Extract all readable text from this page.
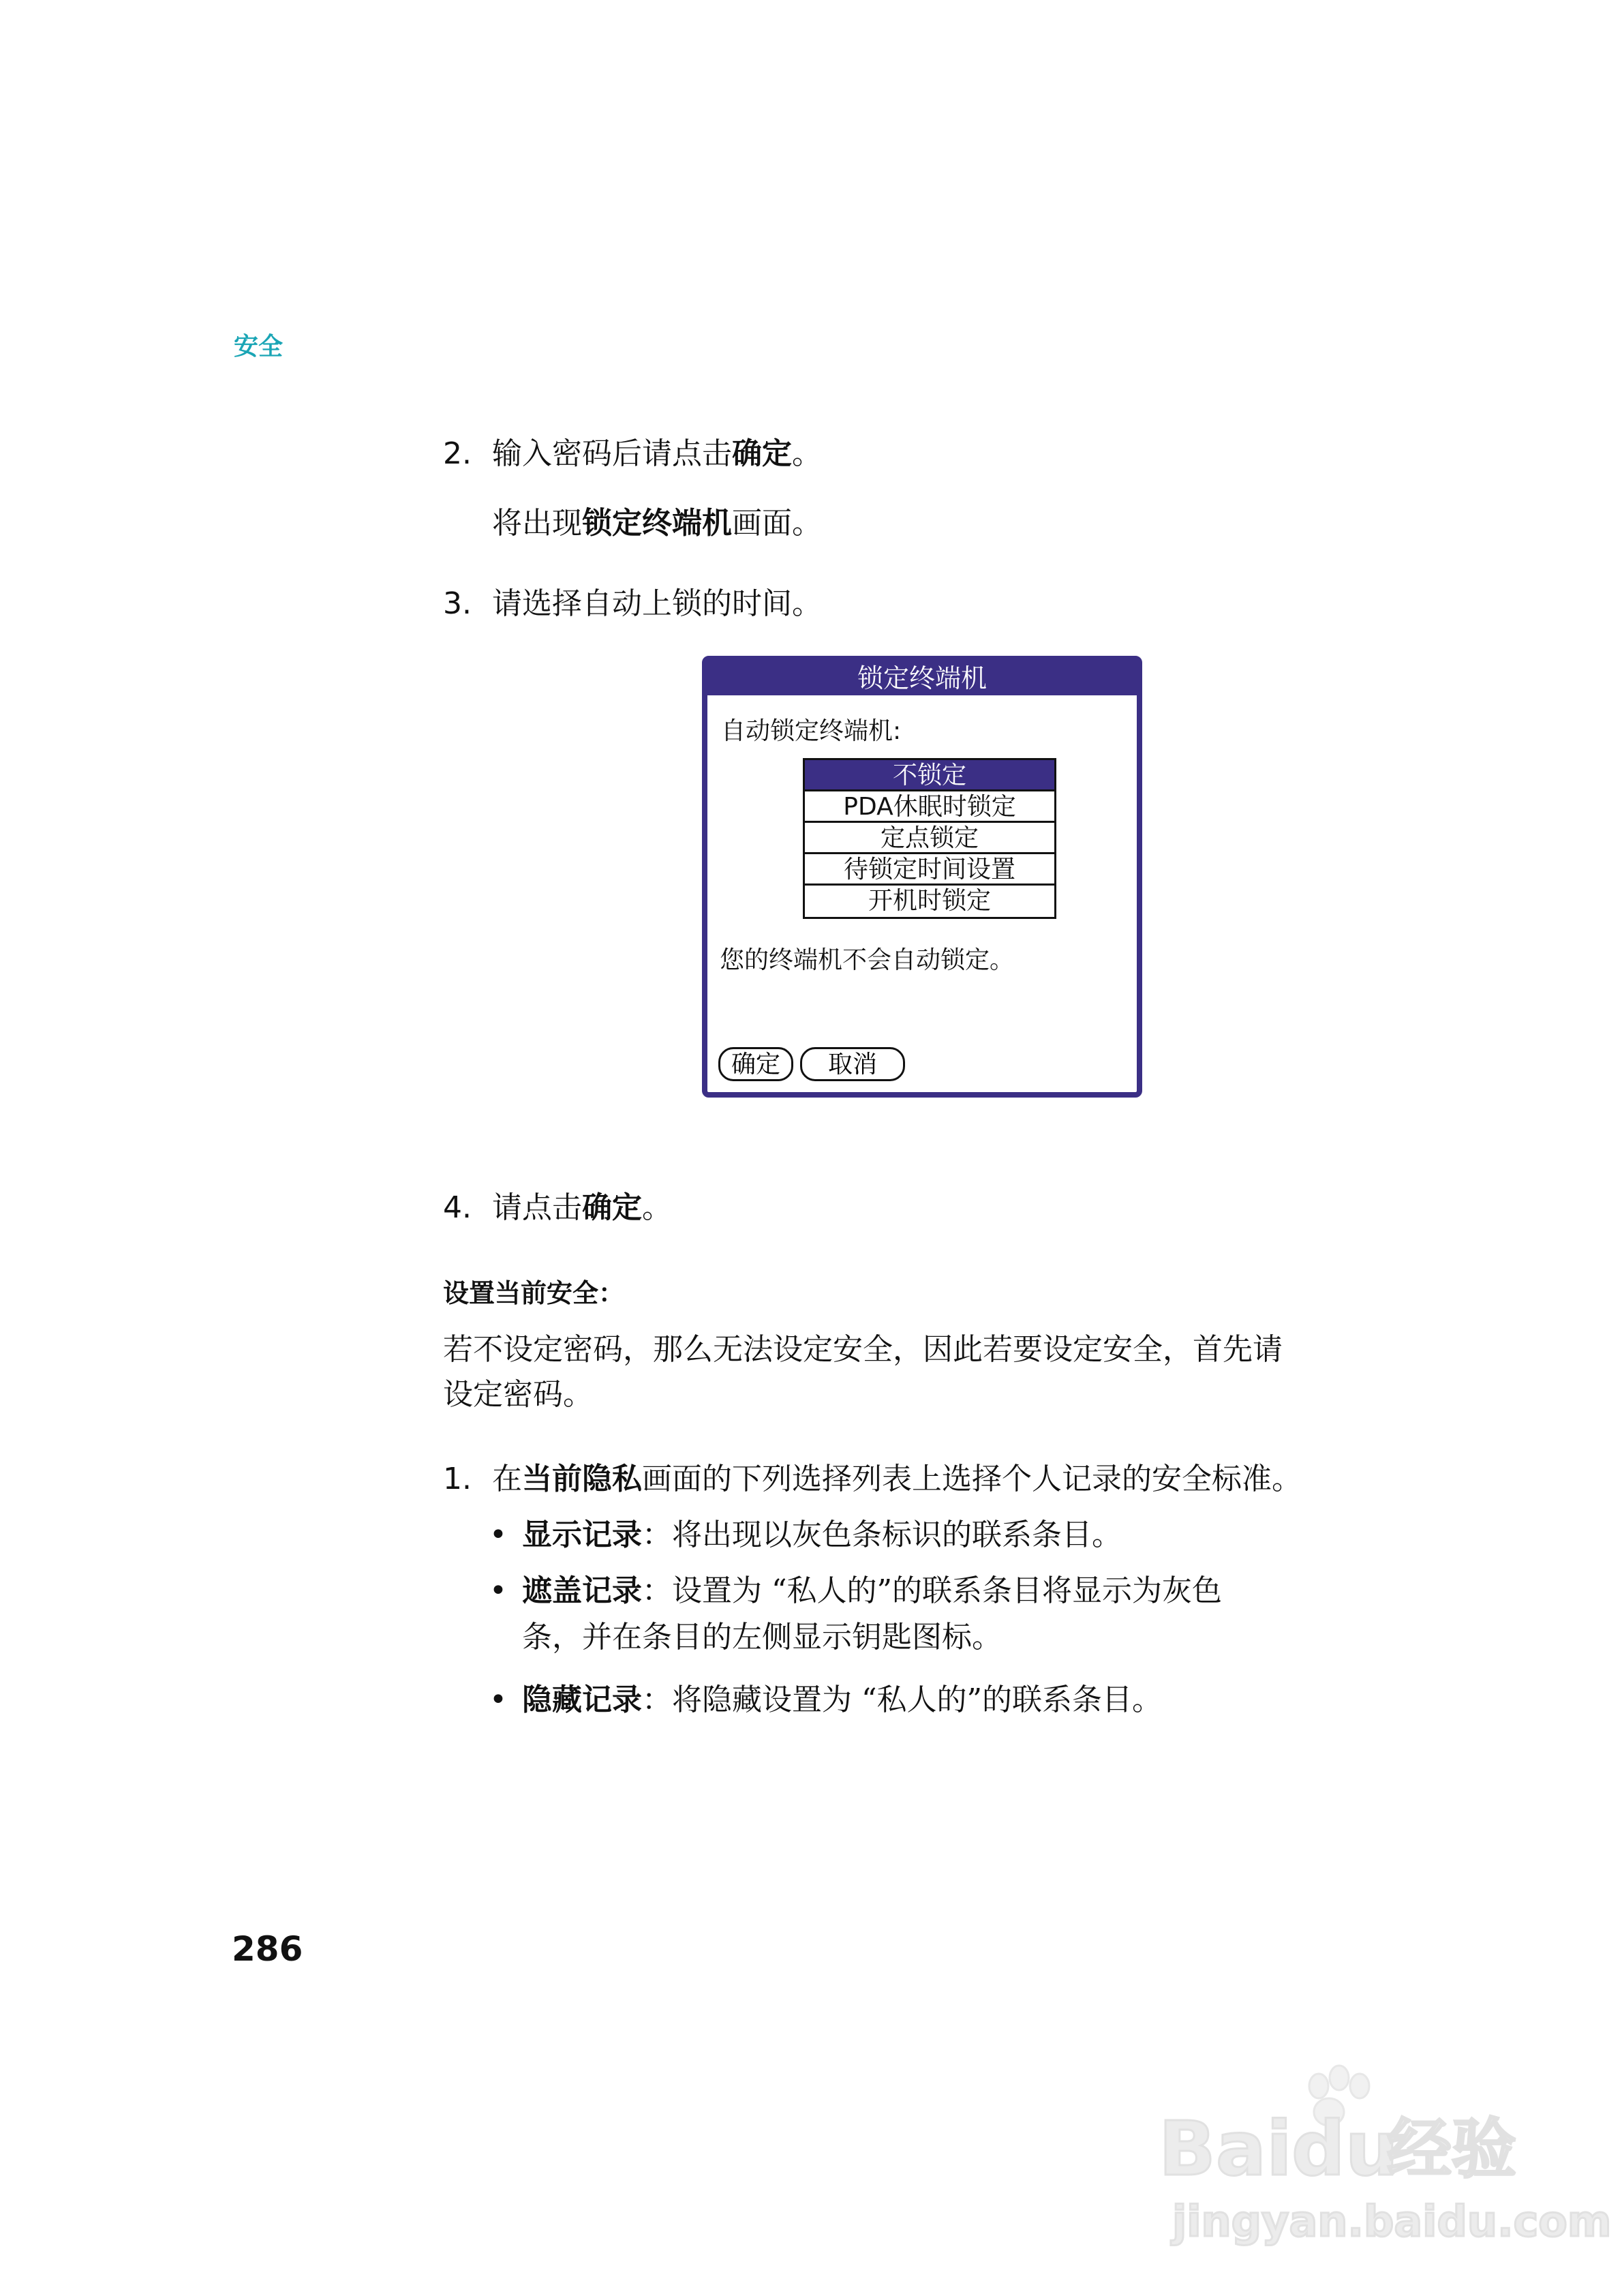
安全
2. 输入密码后请点击确定。
将出现锁定终端机画面。
3. 请选择自动上锁的时间。
锁定终端机
自动锁定终端机:
不锁定
PDA休眠时锁定
定点锁定
待锁定时间设置
开机时锁定
您的终端机不会自动锁定。
确定	取消
4. 请点击确定。
设置当前安全：
若不设定密码，那么无法设定安全，因此若要设定安全，首先请
设定密码。
1. 在当前隐私画面的下列选择列表上选择个人记录的安全标准。
• 显示记录：将出现以灰色条标识的联系条目。
• 遮盖记录：设置为 “私人的”的联系条目将显示为灰色
条，并在条目的左侧显示钥匙图标。
• 隐藏记录：将隐藏设置为 “私人的”的联系条目。
286
Bai du
经验
jingyan.baidu.com
